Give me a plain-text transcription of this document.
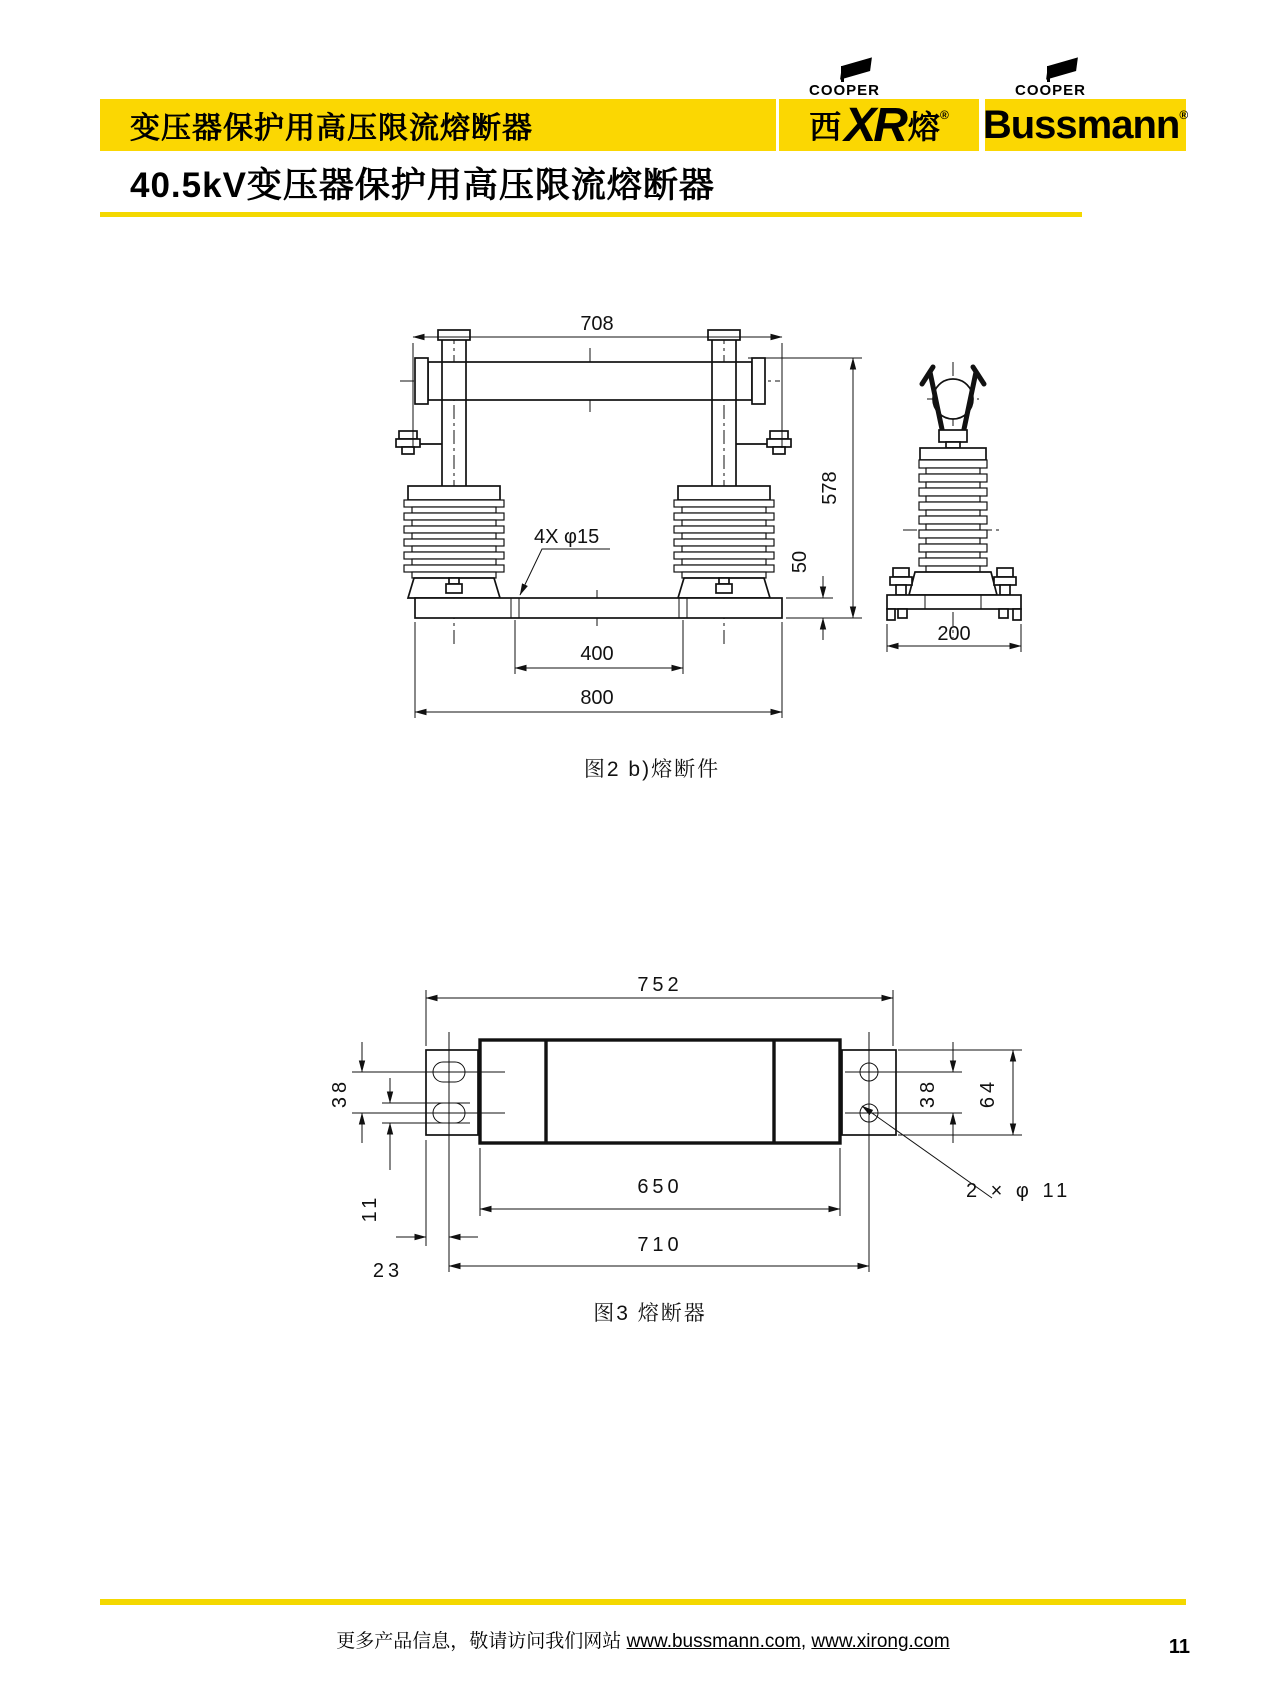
变压器保护用高压限流熔断器
COOPER
西 XR 熔 ®
COOPER
Bussmann ®
40.5kV变压器保护用高压限流熔断器
708
400
800
4X φ15
578
50
200
图2 b)熔断件
752
650
710
23
38
11
38 64
2 × φ 11
图3 熔断器
更多产品信息，敬请访问我们网站 www.bussmann.com, www.xirong.com	11
